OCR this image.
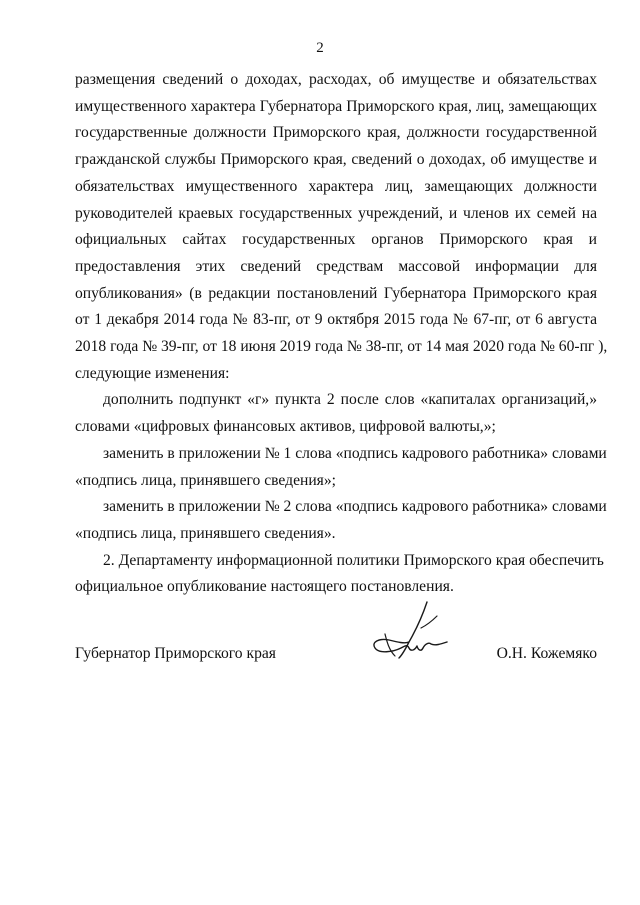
2
размещения сведений о доходах, расходах, об имуществе и обязательствах
имущественного характера Губернатора Приморского края, лиц, замещающих
государственные должности Приморского края, должности государственной
гражданской службы Приморского края, сведений о доходах, об имуществе и
обязательствах имущественного характера лиц, замещающих должности
руководителей краевых государственных учреждений, и членов их семей на
официальных сайтах государственных органов Приморского края и
предоставления этих сведений средствам массовой информации для
опубликования» (в редакции постановлений Губернатора Приморского края
от 1 декабря 2014 года № 83-пг, от 9 октября 2015 года № 67-пг, от 6 августа
2018 года № 39-пг, от 18 июня 2019 года № 38-пг, от 14 мая 2020 года № 60-пг ),
следующие изменения:
дополнить подпункт «г» пункта 2 после слов «капиталах организаций,»
словами «цифровых финансовых активов, цифровой валюты,»;
заменить в приложении № 1 слова «подпись кадрового работника» словами
«подпись лица, принявшего сведения»;
заменить в приложении № 2 слова «подпись кадрового работника» словами
«подпись лица, принявшего сведения».
2. Департаменту информационной политики Приморского края обеспечить
официальное опубликование настоящего постановления.
Губернатор Приморского края	О.Н. Кожемяко
